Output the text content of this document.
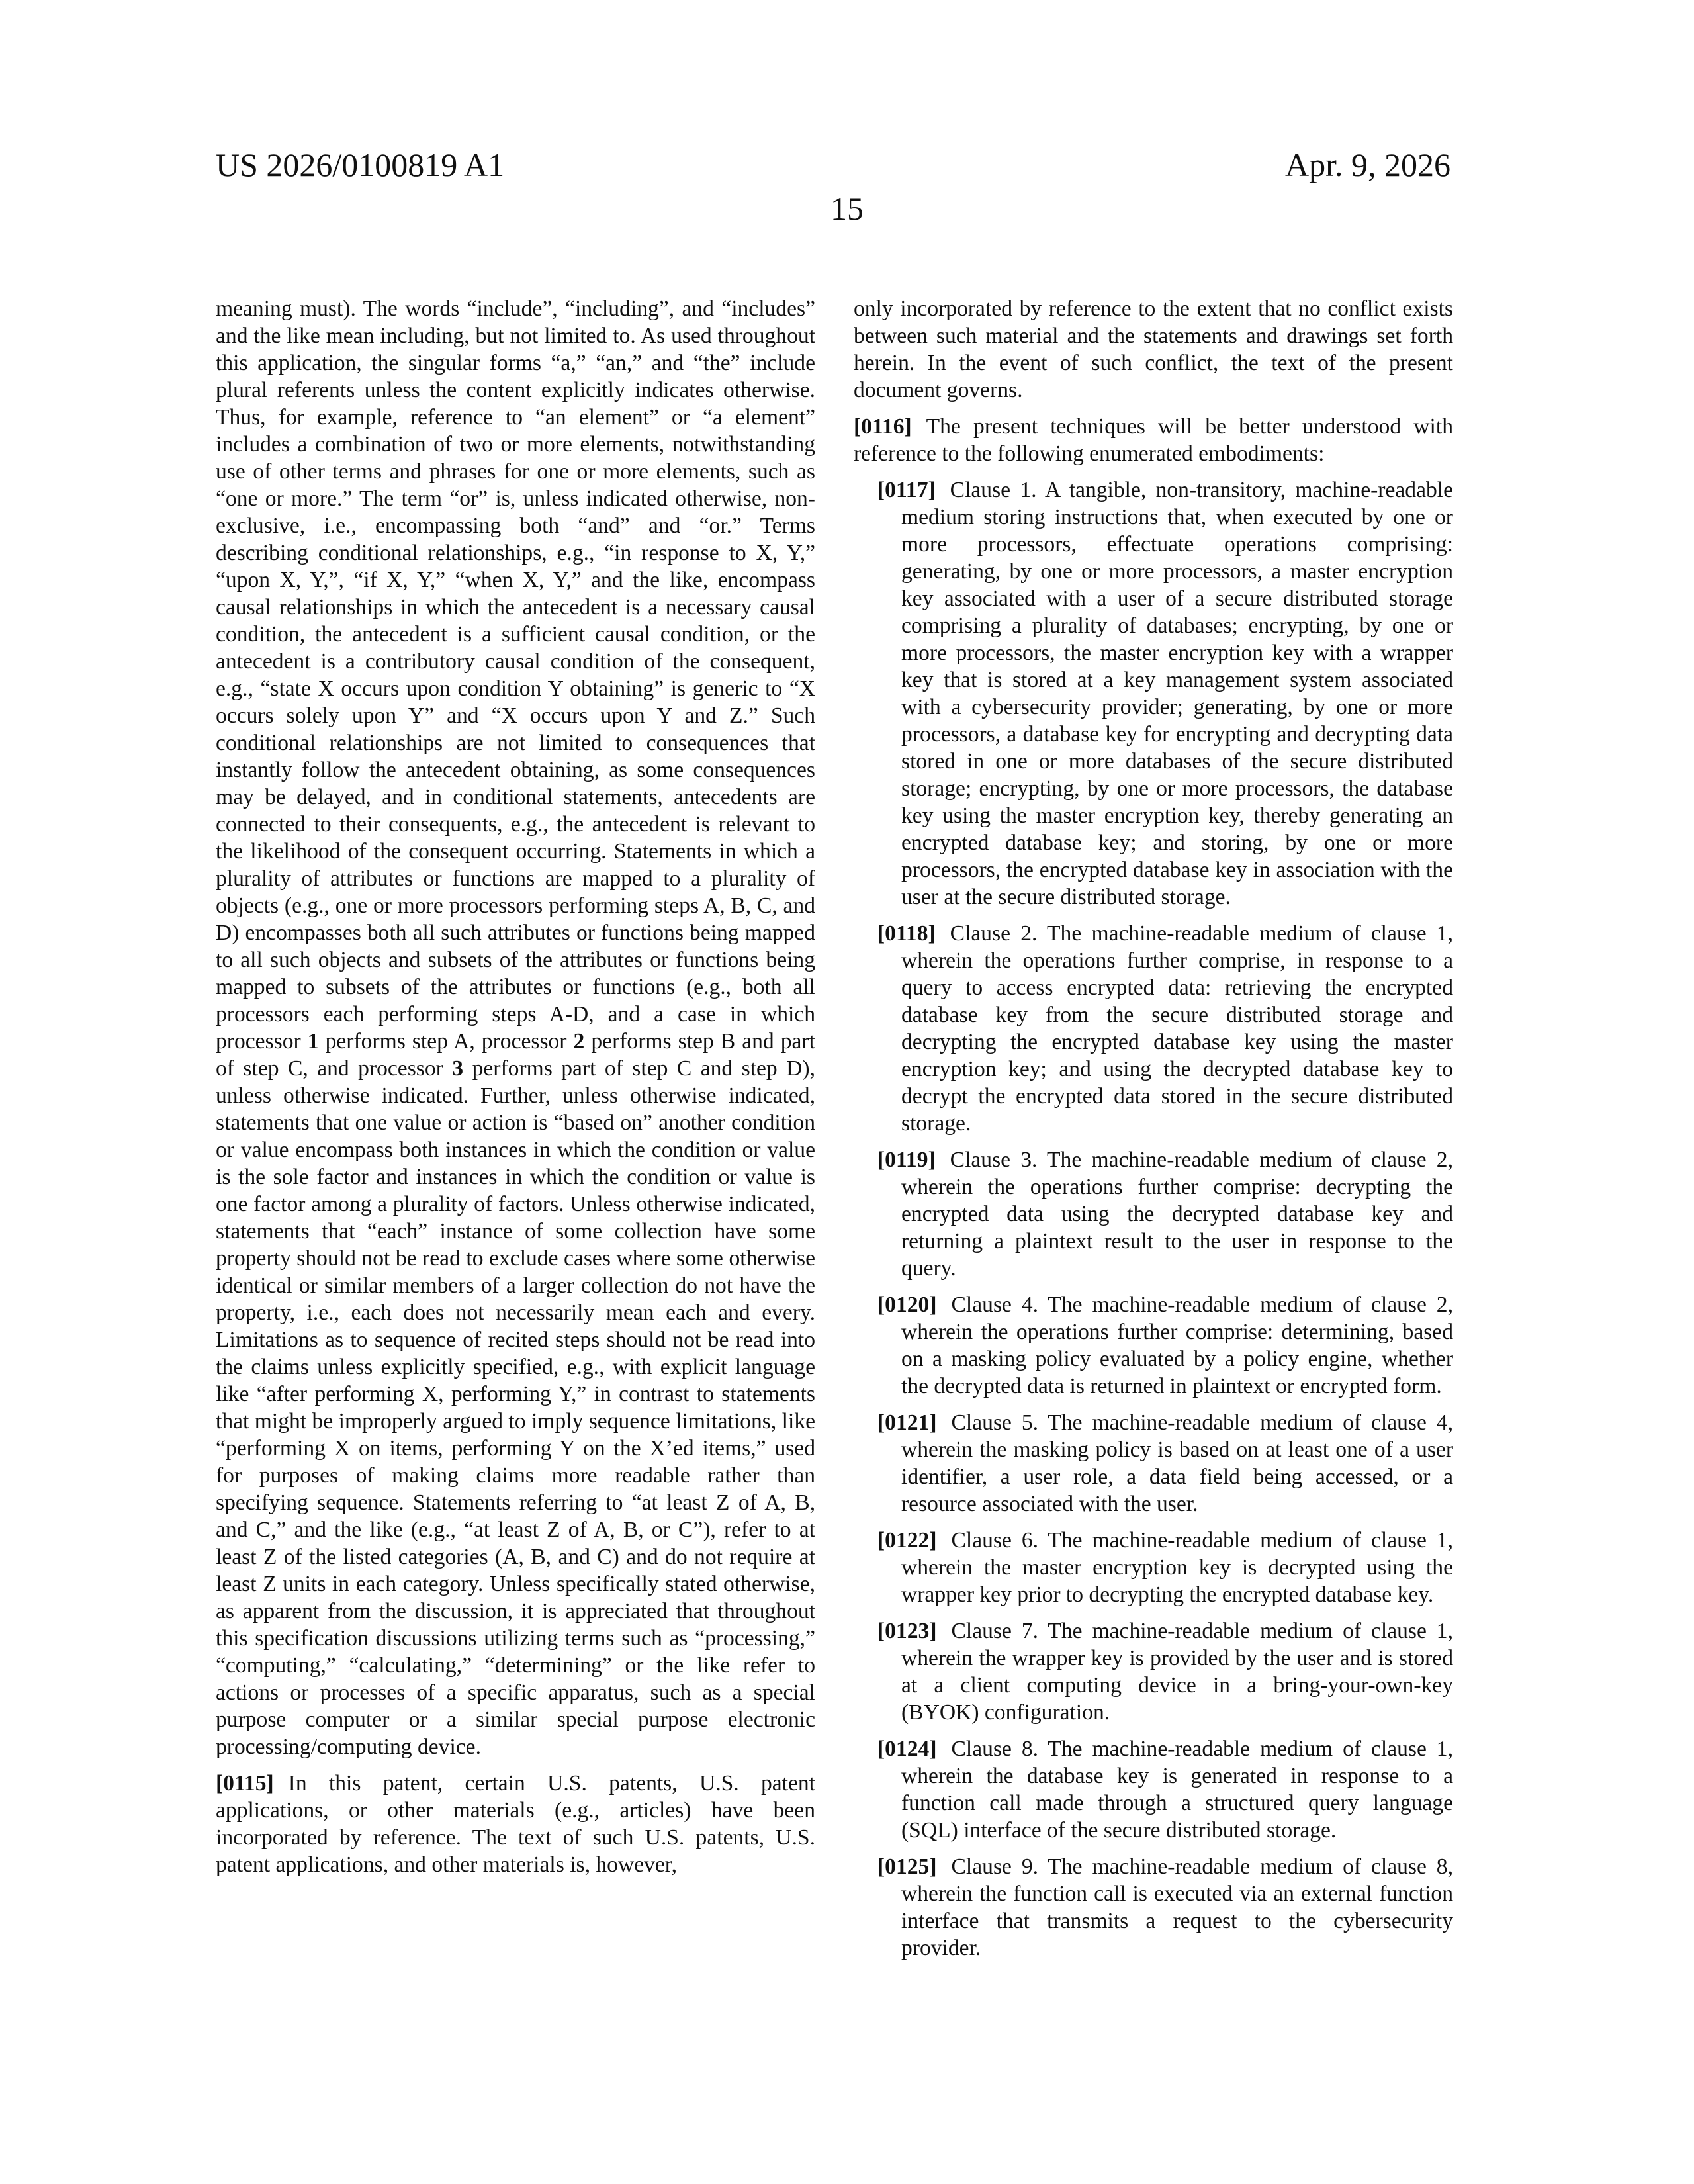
US 2026/0100819 A1	Apr. 9, 2026
15

meaning must). The words “include”, “including”, and “includes” and the like mean including, but not limited to. As used throughout this application, the singular forms “a,” “an,” and “the” include plural referents unless the content explicitly indicates otherwise. Thus, for example, reference to “an element” or “a element” includes a combination of two or more elements, notwithstanding use of other terms and phrases for one or more elements, such as “one or more.” The term “or” is, unless indicated otherwise, non-exclusive, i.e., encompassing both “and” and “or.” Terms describing conditional relationships, e.g., “in response to X, Y,” “upon X, Y,”, “if X, Y,” “when X, Y,” and the like, encompass causal relationships in which the antecedent is a necessary causal condition, the antecedent is a sufficient causal condition, or the antecedent is a contributory causal condition of the consequent, e.g., “state X occurs upon condition Y obtaining” is generic to “X occurs solely upon Y” and “X occurs upon Y and Z.” Such conditional relationships are not limited to consequences that instantly follow the antecedent obtaining, as some consequences may be delayed, and in conditional statements, antecedents are connected to their consequents, e.g., the antecedent is relevant to the likelihood of the consequent occurring. Statements in which a plurality of attributes or functions are mapped to a plurality of objects (e.g., one or more processors performing steps A, B, C, and D) encompasses both all such attributes or functions being mapped to all such objects and subsets of the attributes or functions being mapped to subsets of the attributes or functions (e.g., both all processors each performing steps A-D, and a case in which processor 1 performs step A, processor 2 performs step B and part of step C, and processor 3 performs part of step C and step D), unless otherwise indicated. Further, unless otherwise indicated, statements that one value or action is “based on” another condition or value encompass both instances in which the condition or value is the sole factor and instances in which the condition or value is one factor among a plurality of factors. Unless otherwise indicated, statements that “each” instance of some collection have some property should not be read to exclude cases where some otherwise identical or similar members of a larger collection do not have the property, i.e., each does not necessarily mean each and every. Limitations as to sequence of recited steps should not be read into the claims unless explicitly specified, e.g., with explicit language like “after performing X, performing Y,” in contrast to statements that might be improperly argued to imply sequence limitations, like “performing X on items, performing Y on the X’ed items,” used for purposes of making claims more readable rather than specifying sequence. Statements referring to “at least Z of A, B, and C,” and the like (e.g., “at least Z of A, B, or C”), refer to at least Z of the listed categories (A, B, and C) and do not require at least Z units in each category. Unless specifically stated otherwise, as apparent from the discussion, it is appreciated that throughout this specification discussions utilizing terms such as “processing,” “computing,” “calculating,” “determining” or the like refer to actions or processes of a specific apparatus, such as a special purpose computer or a similar special purpose electronic processing/computing device.

[0115] In this patent, certain U.S. patents, U.S. patent applications, or other materials (e.g., articles) have been incorporated by reference. The text of such U.S. patents, U.S. patent applications, and other materials is, however,

only incorporated by reference to the extent that no conflict exists between such material and the statements and drawings set forth herein. In the event of such conflict, the text of the present document governs.

[0116] The present techniques will be better understood with reference to the following enumerated embodiments:

[0117] Clause 1. A tangible, non-transitory, machine-readable medium storing instructions that, when executed by one or more processors, effectuate operations comprising: generating, by one or more processors, a master encryption key associated with a user of a secure distributed storage comprising a plurality of databases; encrypting, by one or more processors, the master encryption key with a wrapper key that is stored at a key management system associated with a cybersecurity provider; generating, by one or more processors, a database key for encrypting and decrypting data stored in one or more databases of the secure distributed storage; encrypting, by one or more processors, the database key using the master encryption key, thereby generating an encrypted database key; and storing, by one or more processors, the encrypted database key in association with the user at the secure distributed storage.

[0118] Clause 2. The machine-readable medium of clause 1, wherein the operations further comprise, in response to a query to access encrypted data: retrieving the encrypted database key from the secure distributed storage and decrypting the encrypted database key using the master encryption key; and using the decrypted database key to decrypt the encrypted data stored in the secure distributed storage.

[0119] Clause 3. The machine-readable medium of clause 2, wherein the operations further comprise: decrypting the encrypted data using the decrypted database key and returning a plaintext result to the user in response to the query.

[0120] Clause 4. The machine-readable medium of clause 2, wherein the operations further comprise: determining, based on a masking policy evaluated by a policy engine, whether the decrypted data is returned in plaintext or encrypted form.

[0121] Clause 5. The machine-readable medium of clause 4, wherein the masking policy is based on at least one of a user identifier, a user role, a data field being accessed, or a resource associated with the user.

[0122] Clause 6. The machine-readable medium of clause 1, wherein the master encryption key is decrypted using the wrapper key prior to decrypting the encrypted database key.

[0123] Clause 7. The machine-readable medium of clause 1, wherein the wrapper key is provided by the user and is stored at a client computing device in a bring-your-own-key (BYOK) configuration.

[0124] Clause 8. The machine-readable medium of clause 1, wherein the database key is generated in response to a function call made through a structured query language (SQL) interface of the secure distributed storage.

[0125] Clause 9. The machine-readable medium of clause 8, wherein the function call is executed via an external function interface that transmits a request to the cybersecurity provider.
